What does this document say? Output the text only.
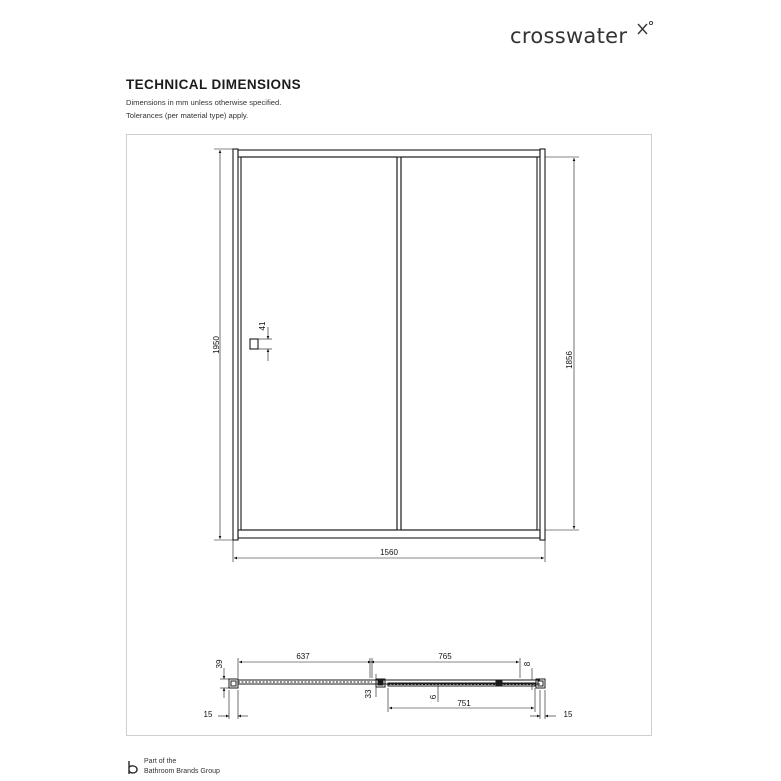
crosswater
TECHNICAL DIMENSIONS
Dimensions in mm unless otherwise specified.
Tolerances (per material type) apply.
1950
1856
1560
41
637	765
751
39
33	6
8
15	15
Part of the
Bathroom Brands Group
